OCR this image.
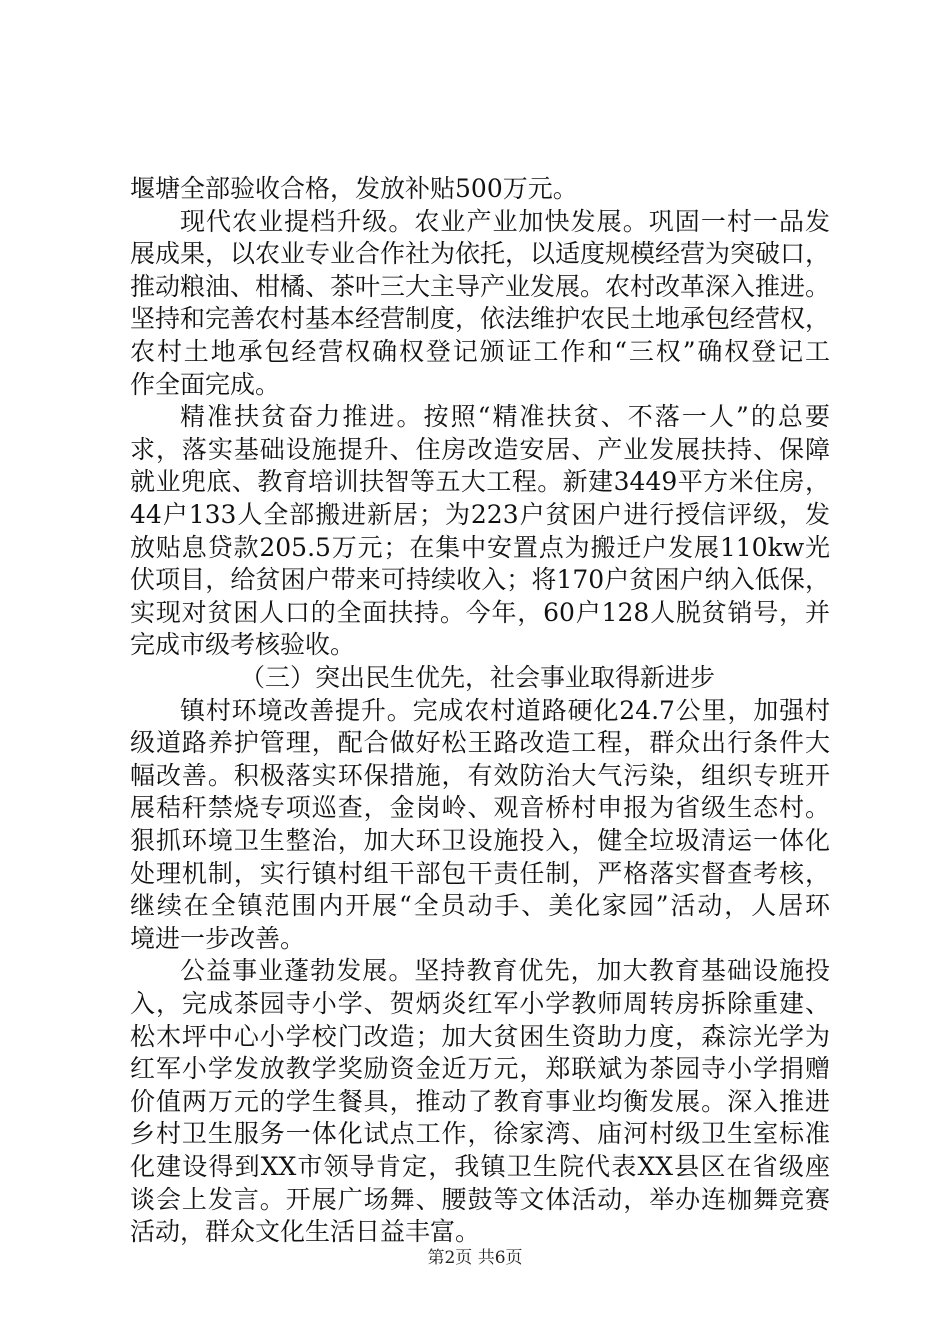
堰塘全部验收合格，发放补贴500万元。
现代农业提档升级。农业产业加快发展。巩固一村一品发
展成果，以农业专业合作社为依托，以适度规模经营为突破口，
推动粮油、柑橘、茶叶三大主导产业发展。农村改革深入推进。
坚持和完善农村基本经营制度，依法维护农民土地承包经营权，
农村土地承包经营权确权登记颁证工作和“三权”确权登记工
作全面完成。
精准扶贫奋力推进。按照“精准扶贫、不落一人”的总要
求，落实基础设施提升、住房改造安居、产业发展扶持、保障
就业兜底、教育培训扶智等五大工程。新建3449平方米住房，
44户133人全部搬进新居；为223户贫困户进行授信评级，发
放贴息贷款205.5万元；在集中安置点为搬迁户发展110kw光
伏项目，给贫困户带来可持续收入；将170户贫困户纳入低保，
实现对贫困人口的全面扶持。今年，60户128人脱贫销号，并
完成市级考核验收。
（三）突出民生优先，社会事业取得新进步
镇村环境改善提升。完成农村道路硬化24.7公里，加强村
级道路养护管理，配合做好松王路改造工程，群众出行条件大
幅改善。积极落实环保措施，有效防治大气污染，组织专班开
展秸秆禁烧专项巡查，金岗岭、观音桥村申报为省级生态村。
狠抓环境卫生整治，加大环卫设施投入，健全垃圾清运一体化
处理机制，实行镇村组干部包干责任制，严格落实督查考核，
继续在全镇范围内开展“全员动手、美化家园”活动，人居环
境进一步改善。
公益事业蓬勃发展。坚持教育优先，加大教育基础设施投
入，完成茶园寺小学、贺炳炎红军小学教师周转房拆除重建、
松木坪中心小学校门改造；加大贫困生资助力度，森淙光学为
红军小学发放教学奖励资金近万元，郑联斌为茶园寺小学捐赠
价值两万元的学生餐具，推动了教育事业均衡发展。深入推进
乡村卫生服务一体化试点工作，徐家湾、庙河村级卫生室标准
化建设得到XX市领导肯定，我镇卫生院代表XX县区在省级座
谈会上发言。开展广场舞、腰鼓等文体活动，举办连枷舞竞赛
活动，群众文化生活日益丰富。
第2页 共6页
